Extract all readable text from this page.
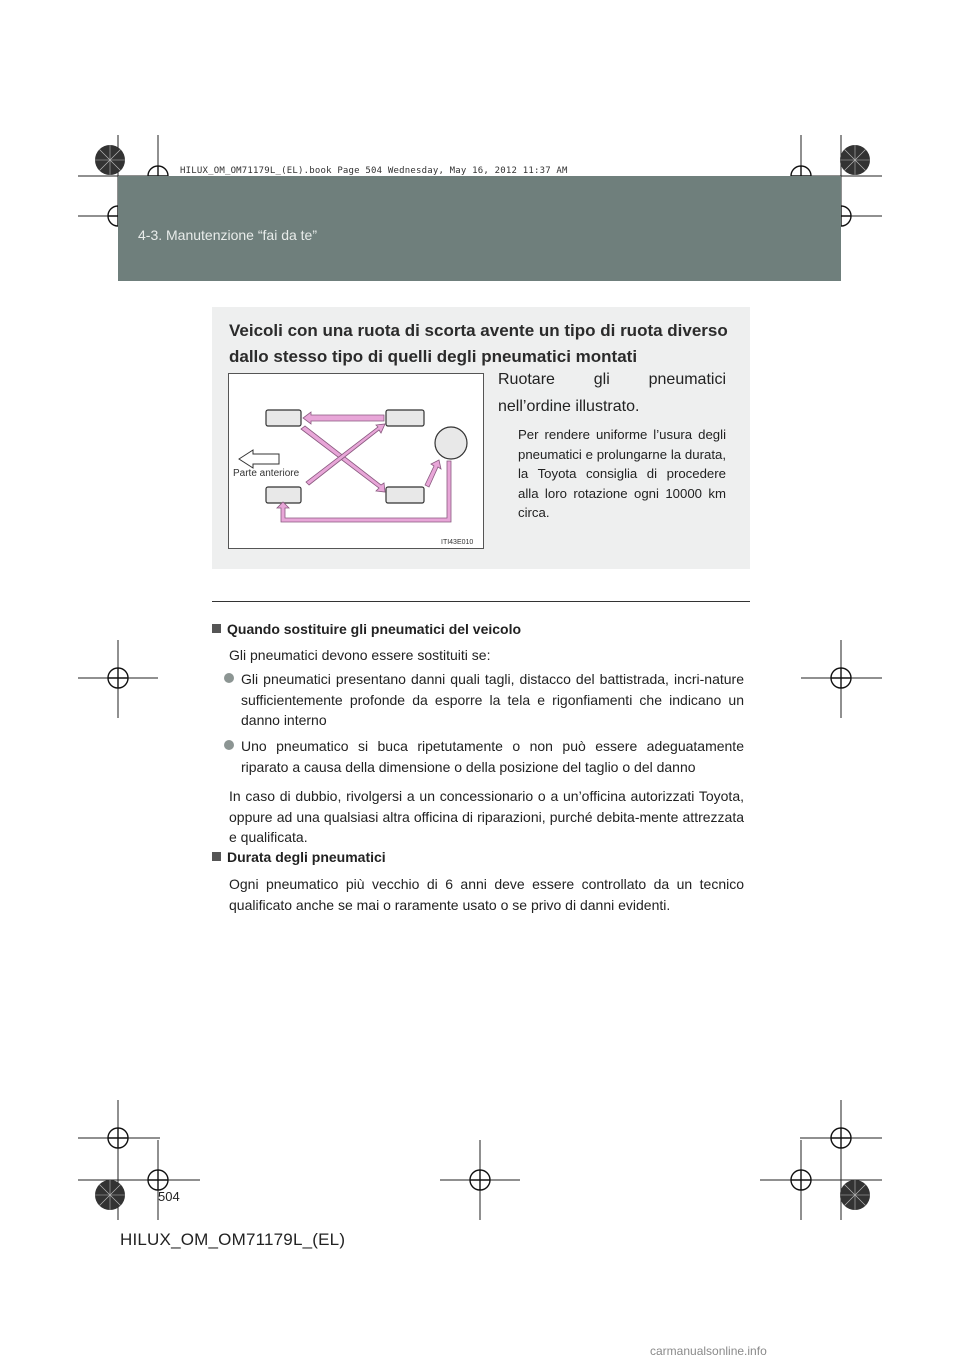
HILUX_OM_OM71179L_(EL).book Page 504 Wednesday, May 16, 2012 11:37 AM
4-3. Manutenzione “fai da te”
Veicoli con una ruota di scorta avente un tipo di ruota diverso dallo stesso tipo di quelli degli pneumatici montati
Parte anteriore
ITI43E010
Ruotare gli pneumatici
nell’ordine illustrato.
Per rendere uniforme l’usura degli pneumatici e prolungarne la durata, la Toyota consiglia di procedere alla loro rotazione ogni 10000 km circa.
Quando sostituire gli pneumatici del veicolo
Gli pneumatici devono essere sostituiti se:
Gli pneumatici presentano danni quali tagli, distacco del battistrada, incri-nature sufficientemente profonde da esporre la tela e rigonfiamenti che indicano un danno interno
Uno pneumatico si buca ripetutamente o non può essere adeguatamente riparato a causa della dimensione o della posizione del taglio o del danno
In caso di dubbio, rivolgersi a un concessionario o a un’officina autorizzati Toyota, oppure ad una qualsiasi altra officina di riparazioni, purché debita-mente attrezzata e qualificata.
Durata degli pneumatici
Ogni pneumatico più vecchio di 6 anni deve essere controllato da un tecnico qualificato anche se mai o raramente usato o se privo di danni evidenti.
504
HILUX_OM_OM71179L_(EL)
carmanualsonline.info
